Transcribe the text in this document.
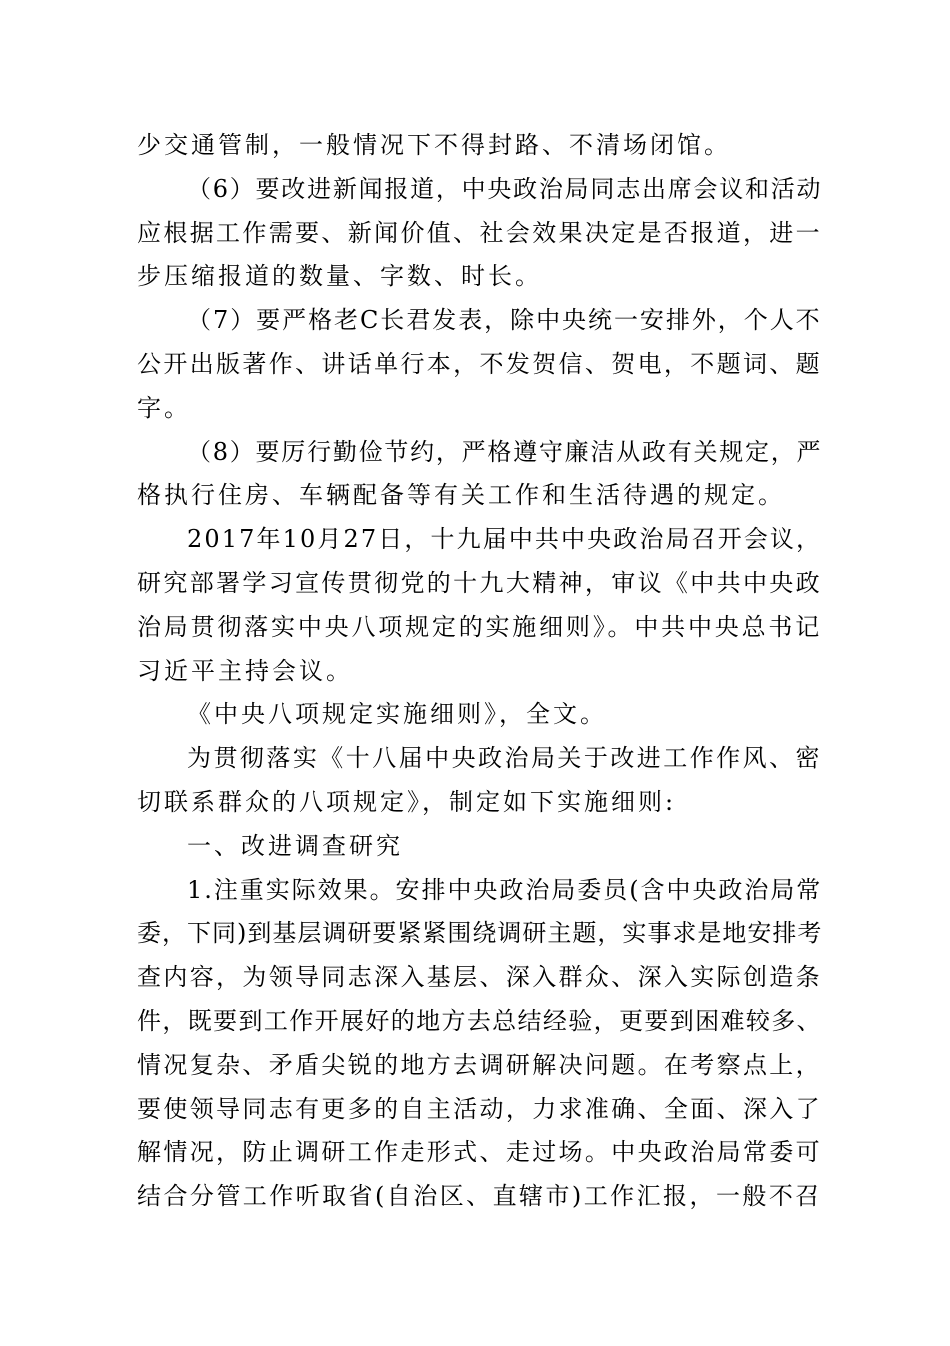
少交通管制，一般情况下不得封路、不清场闭馆。

（6）要改进新闻报道，中央政治局同志出席会议和活动

应根据工作需要、新闻价值、社会效果决定是否报道，进一

步压缩报道的数量、字数、时长。

（7）要严格老C长君发表，除中央统一安排外，个人不

公开出版著作、讲话单行本，不发贺信、贺电，不题词、题

字。

（8）要厉行勤俭节约，严格遵守廉洁从政有关规定，严

格执行住房、车辆配备等有关工作和生活待遇的规定。

2017年10月27日，十九届中共中央政治局召开会议，

研究部署学习宣传贯彻党的十九大精神，审议《中共中央政

治局贯彻落实中央八项规定的实施细则》。中共中央总书记

习近平主持会议。

《中央八项规定实施细则》，全文。

为贯彻落实《十八届中央政治局关于改进工作作风、密

切联系群众的八项规定》，制定如下实施细则:

一、改进调查研究

1.注重实际效果。安排中央政治局委员(含中央政治局常

委，下同)到基层调研要紧紧围绕调研主题，实事求是地安排考

查内容，为领导同志深入基层、深入群众、深入实际创造条

件，既要到工作开展好的地方去总结经验，更要到困难较多、

情况复杂、矛盾尖锐的地方去调研解决问题。在考察点上，

要使领导同志有更多的自主活动，力求准确、全面、深入了

解情况，防止调研工作走形式、走过场。中央政治局常委可

结合分管工作听取省(自治区、直辖市)工作汇报，一般不召
